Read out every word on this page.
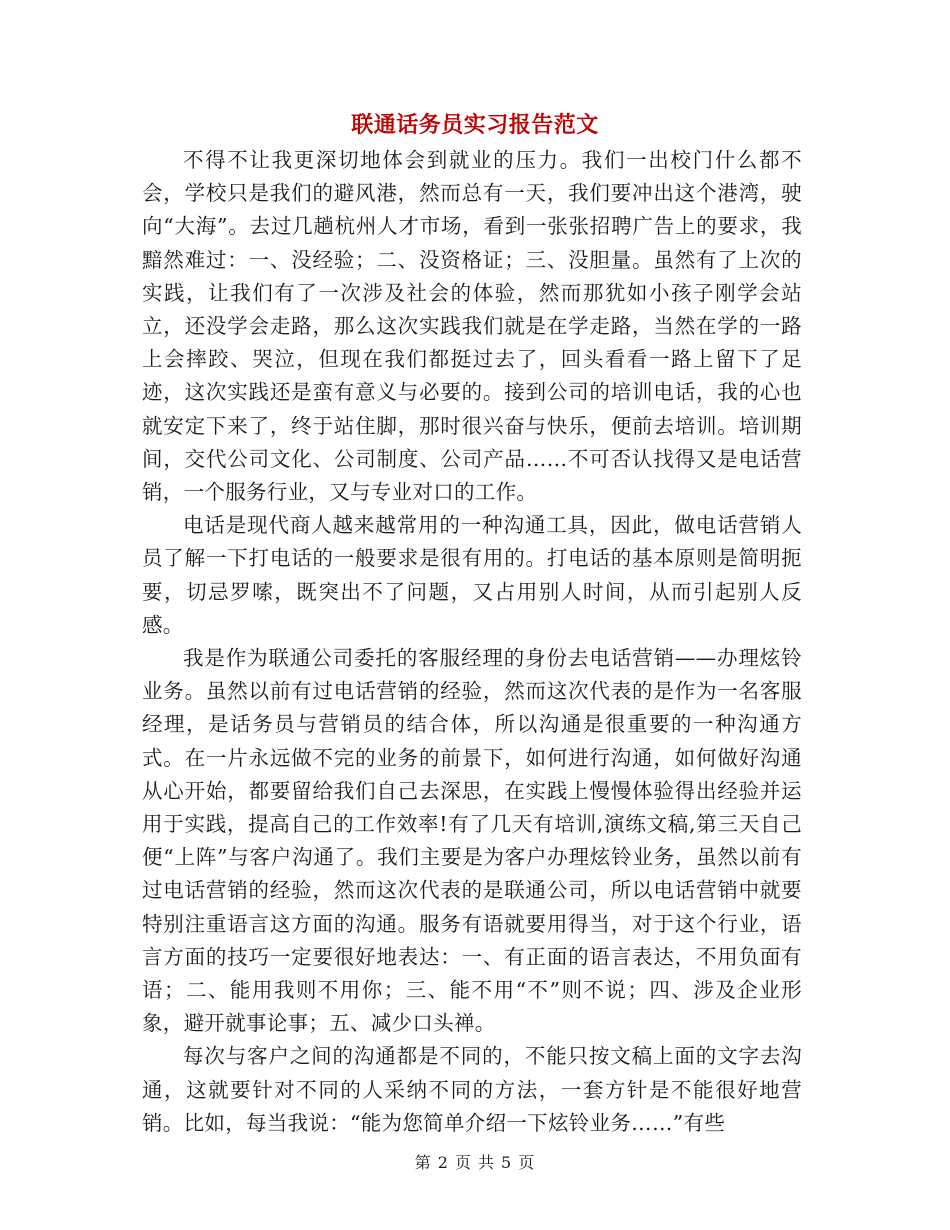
联通话务员实习报告范文

不得不让我更深切地体会到就业的压力。我们一出校门什么都不会，学校只是我们的避风港，然而总有一天，我们要冲出这个港湾，驶向“大海”。去过几趟杭州人才市场，看到一张张招聘广告上的要求，我黯然难过：一、没经验；二、没资格证；三、没胆量。虽然有了上次的实践，让我们有了一次涉及社会的体验，然而那犹如小孩子刚学会站立，还没学会走路，那么这次实践我们就是在学走路，当然在学的一路上会摔跤、哭泣，但现在我们都挺过去了，回头看看一路上留下了足迹，这次实践还是蛮有意义与必要的。接到公司的培训电话，我的心也就安定下来了，终于站住脚，那时很兴奋与快乐，便前去培训。培训期间，交代公司文化、公司制度、公司产品……不可否认找得又是电话营销，一个服务行业，又与专业对口的工作。

电话是现代商人越来越常用的一种沟通工具，因此，做电话营销人员了解一下打电话的一般要求是很有用的。打电话的基本原则是简明扼要，切忌罗嗦，既突出不了问题，又占用别人时间，从而引起别人反感。

我是作为联通公司委托的客服经理的身份去电话营销——办理炫铃业务。虽然以前有过电话营销的经验，然而这次代表的是作为一名客服经理，是话务员与营销员的结合体，所以沟通是很重要的一种沟通方式。在一片永远做不完的业务的前景下，如何进行沟通，如何做好沟通从心开始，都要留给我们自己去深思，在实践上慢慢体验得出经验并运用于实践，提高自己的工作效率!有了几天有培训,演练文稿,第三天自己便“上阵”与客户沟通了。我们主要是为客户办理炫铃业务，虽然以前有过电话营销的经验，然而这次代表的是联通公司，所以电话营销中就要特别注重语言这方面的沟通。服务有语就要用得当，对于这个行业，语言方面的技巧一定要很好地表达：一、有正面的语言表达，不用负面有语；二、能用我则不用你；三、能不用“不”则不说；四、涉及企业形象，避开就事论事；五、减少口头禅。

每次与客户之间的沟通都是不同的，不能只按文稿上面的文字去沟通，这就要针对不同的人采纳不同的方法，一套方针是不能很好地营销。比如，每当我说：“能为您简单介绍一下炫铃业务……”有些

第 2 页 共 5 页
